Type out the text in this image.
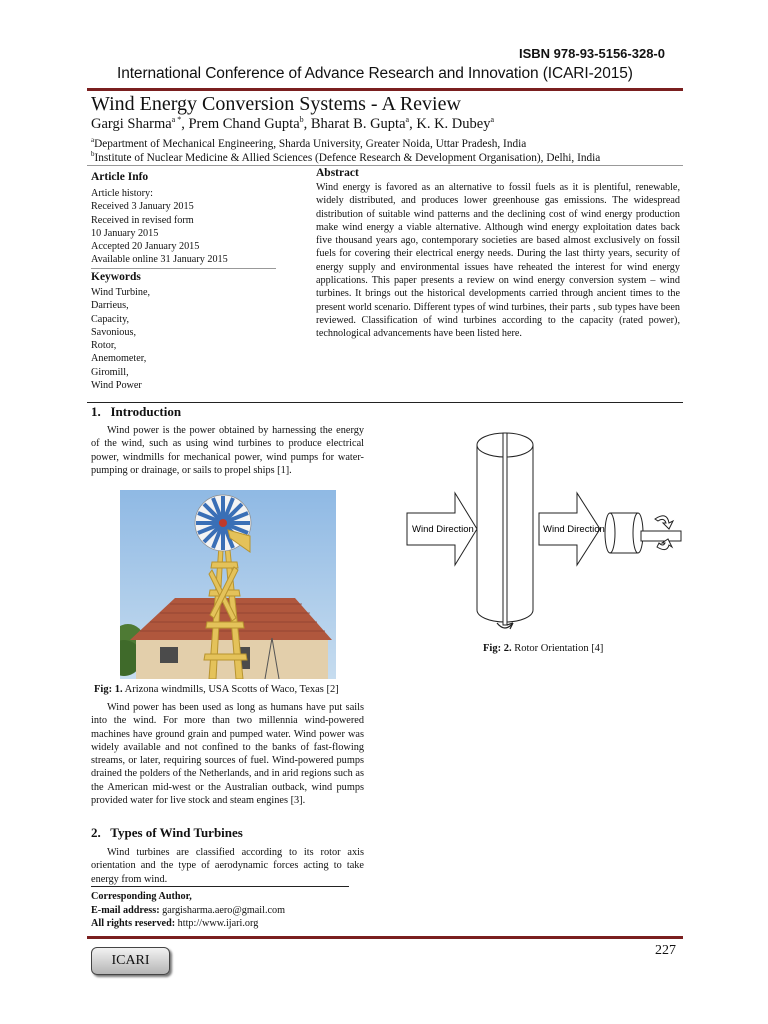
ISBN 978-93-5156-328-0
International Conference of Advance Research and Innovation (ICARI-2015)
Wind Energy Conversion Systems - A Review
Gargi Sharma$^{a *}$, Prem Chand Gupta$^b$, Bharat B. Gupta$^a$, K. K. Dubey$^a$
$^a$Department of Mechanical Engineering, Sharda University, Greater Noida, Uttar Pradesh, India
$^b$Institute of Nuclear Medicine & Allied Sciences (Defence Research & Development Organisation), Delhi, India
Article Info
Article history:
Received 3 January 2015
Received in revised form
10 January 2015
Accepted 20 January 2015
Available online 31 January 2015
Keywords
Wind Turbine,
Darrieus,
Capacity,
Savonious,
Rotor,
Anemometer,
Giromill,
Wind Power
Abstract
Wind energy is favored as an alternative to fossil fuels as it is plentiful, renewable, widely distributed, and produces lower greenhouse gas emissions. The widespread distribution of suitable wind patterns and the declining cost of wind energy production make wind energy a viable alternative. Although wind energy exploitation dates back five thousand years ago, contemporary societies are based almost exclusively on fossil fuels for covering their electrical energy needs. During the last thirty years, security of energy supply and environmental issues have reheated the interest for wind energy applications. This paper presents a review on wind energy conversion system – wind turbines. It brings out the historical developments carried through ancient times to the present world scenario. Different types of wind turbines, their parts , sub types have been reviewed. Classification of wind turbines according to the capacity (rated power), technological advancements have been listed here.
1.   Introduction
Wind power is the power obtained by harnessing the energy of the wind, such as using wind turbines to produce electrical power, windmills for mechanical power, wind pumps for water-pumping or drainage, or sails to propel ships [1].
Fig: 1. Arizona windmills, USA Scotts of Waco, Texas [2]
Wind power has been used as long as humans have put sails into the wind. For more than two millennia wind-powered machines have ground grain and pumped water. Wind power was widely available and not confined to the banks of fast-flowing streams, or later, requiring sources of fuel. Wind-powered pumps drained the polders of the Netherlands, and in arid regions such as the American mid-west or the Australian outback, wind pumps provided water for live stock and steam engines [3].
2.   Types of Wind Turbines
Wind turbines are classified according to its rotor axis orientation and the type of aerodynamic forces acting to take energy from wind.
Corresponding Author,
E-mail address: gargisharma.aero@gmail.com
All rights reserved: http://www.ijari.org
Wind Direction	Wind Direction
Fig: 2. Rotor Orientation [4]
ICARI
227
